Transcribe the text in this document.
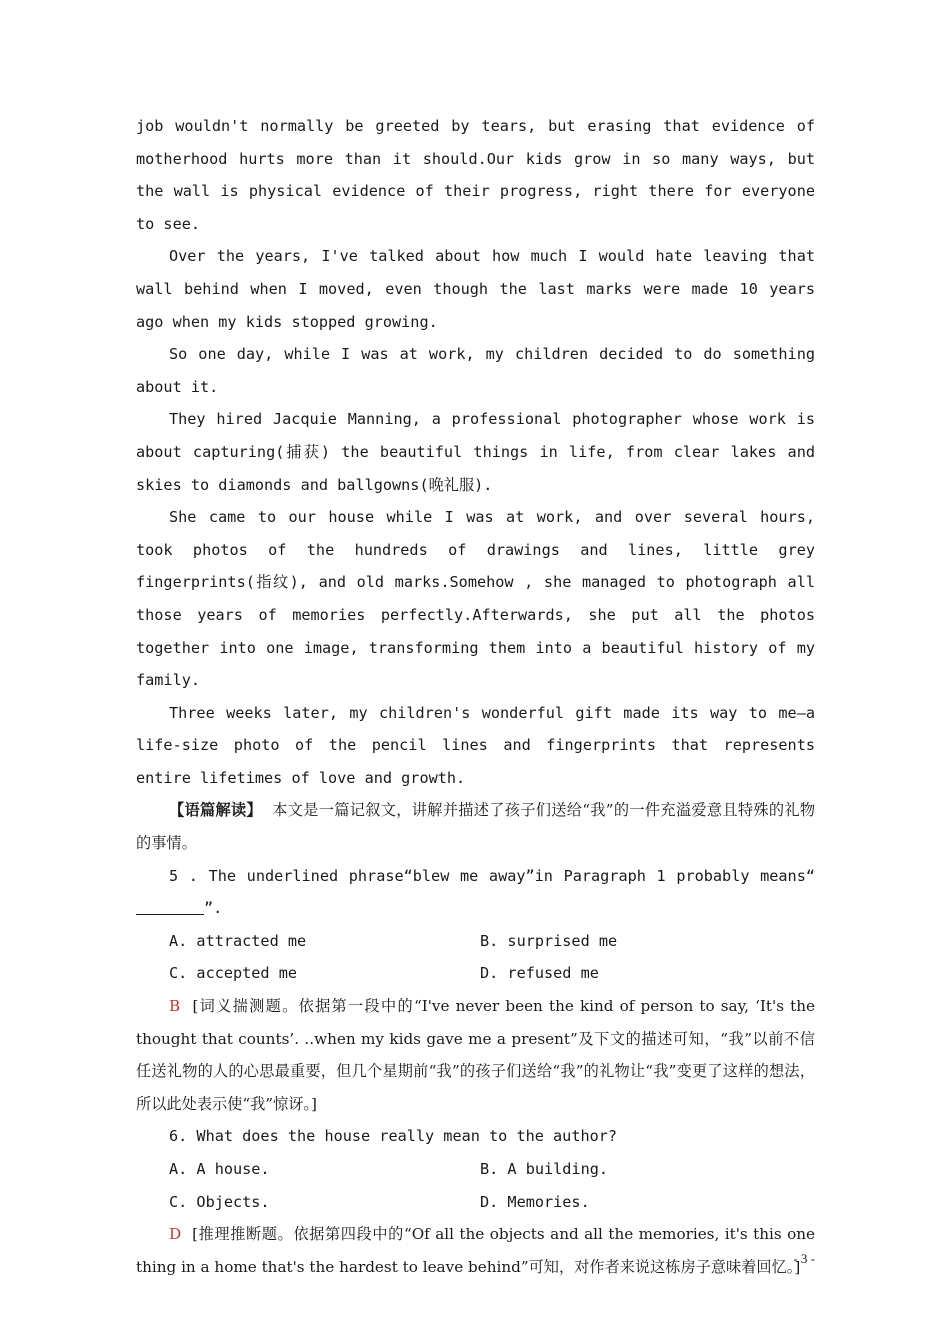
job wouldn't normally be greeted by tears, but erasing that evidence of motherhood hurts more than it should.Our kids grow in so many ways, but the wall is physical evidence of their progress, right there for everyone to see.

Over the years, I've talked about how much I would hate leaving that wall behind when I moved, even though the last marks were made 10 years ago when my kids stopped growing.

So one day, while I was at work, my children decided to do something about it.

They hired Jacquie Manning, a professional photographer whose work is about capturing(捕获) the beautiful things in life, from clear lakes and skies to diamonds and ballgowns(晚礼服).

She came to our house while I was at work, and over several hours, took photos of the hundreds of drawings and lines, little grey fingerprints(指纹), and old marks.Somehow , she managed to photograph all those years of memories perfectly.Afterwards, she put all the photos together into one image, transforming them into a beautiful history of my family.

Three weeks later, my children's wonderful gift made its way to me—a life-size photo of the pencil lines and fingerprints that represents entire lifetimes of love and growth.

【语篇解读】 本文是一篇记叙文，讲解并描述了孩子们送给“我”的一件充溢爱意且特殊的礼物的事情。

5 . The underlined phrase“blew me away”in Paragraph 1 probably means“”.

A. attracted me	B. surprised me
C. accepted me	D. refused me

B [词义揣测题。依据第一段中的“I've never been the kind of person to say, ‘It's the thought that counts’. ..when my kids gave me a present”及下文的描述可知，“我”以前不信任送礼物的人的心思最重要，但几个星期前“我”的孩子们送给“我”的礼物让“我”变更了这样的想法，所以此处表示使“我”惊讶。]

6. What does the house really mean to the author?

A. A house.	B. A building.
C. Objects.	D. Memories.

D [推理推断题。依据第四段中的“Of all the objects and all the memories, it's this one thing in a home that's the hardest to leave behind”可知，对作者来说这栋房子意味着回忆。]

- 3 -
